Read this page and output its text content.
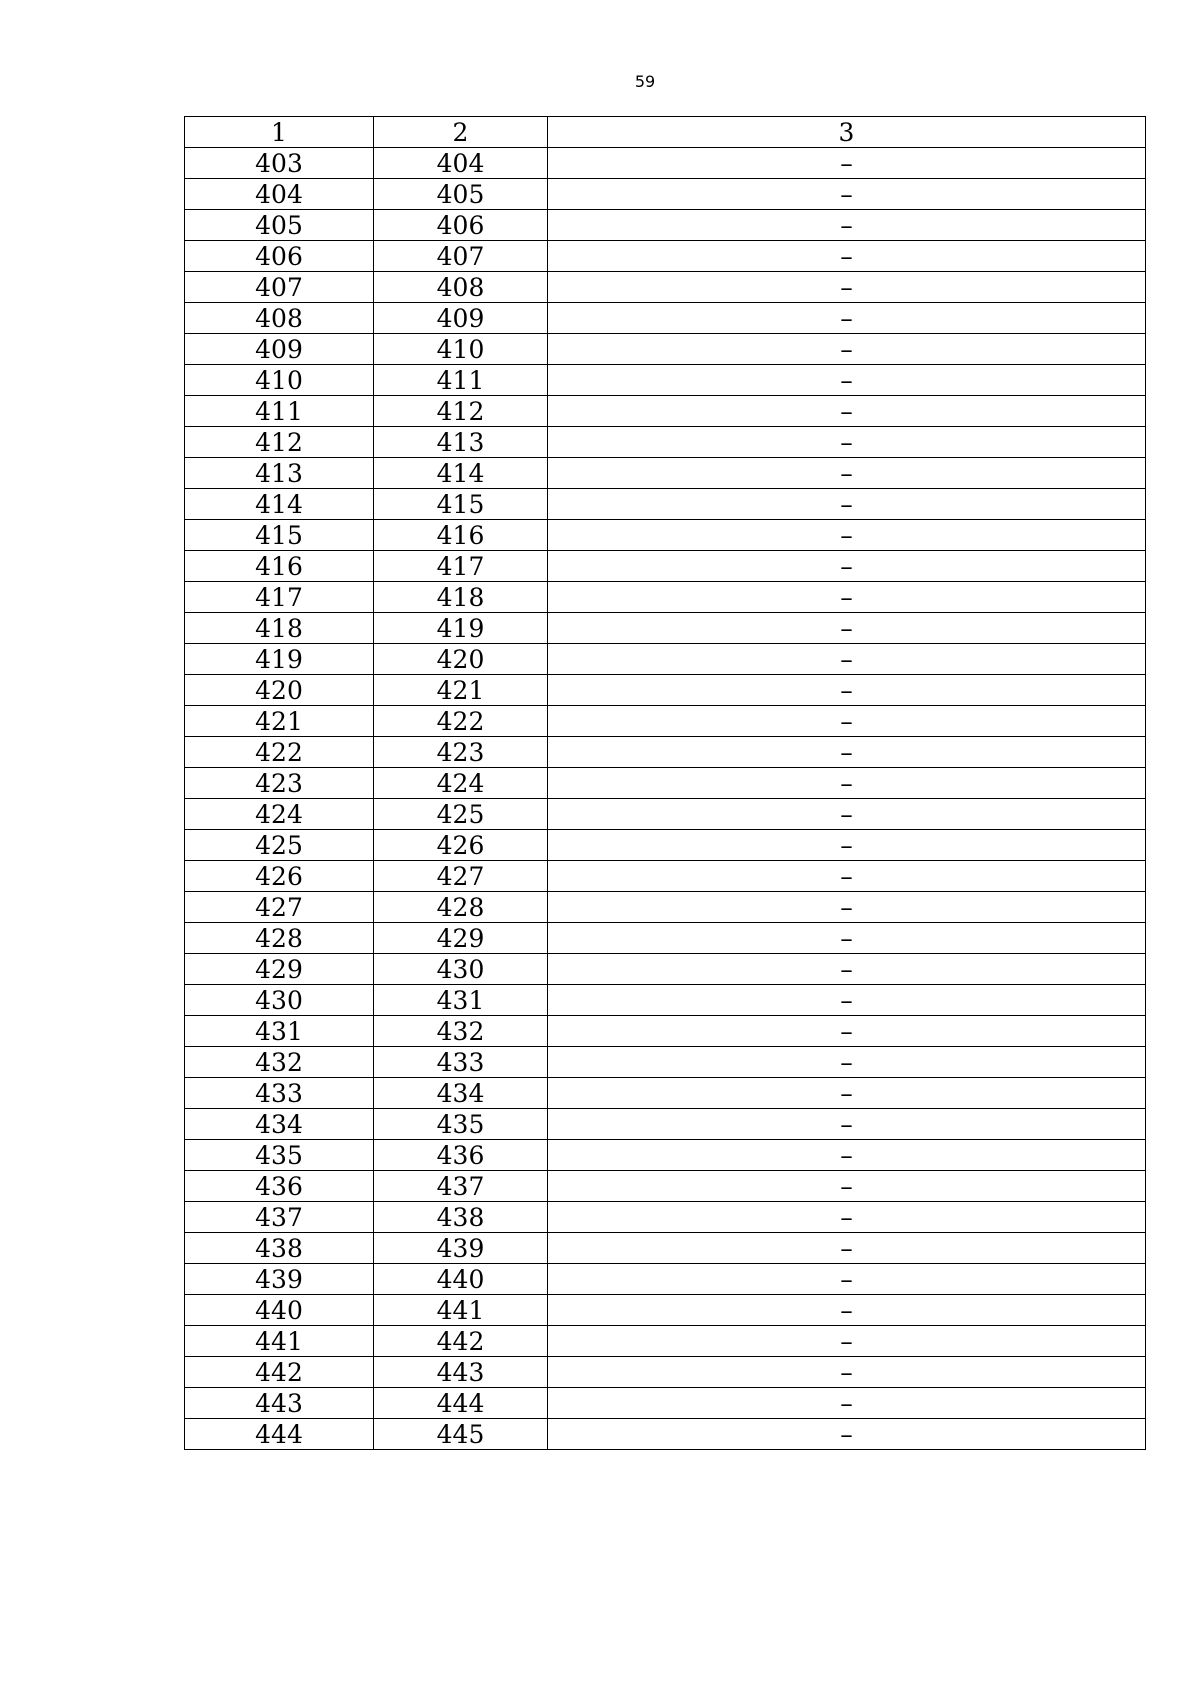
59
1	2	3
403	404	–
404	405	–
405	406	–
406	407	–
407	408	–
408	409	–
409	410	–
410	411	–
411	412	–
412	413	–
413	414	–
414	415	–
415	416	–
416	417	–
417	418	–
418	419	–
419	420	–
420	421	–
421	422	–
422	423	–
423	424	–
424	425	–
425	426	–
426	427	–
427	428	–
428	429	–
429	430	–
430	431	–
431	432	–
432	433	–
433	434	–
434	435	–
435	436	–
436	437	–
437	438	–
438	439	–
439	440	–
440	441	–
441	442	–
442	443	–
443	444	–
444	445	–
